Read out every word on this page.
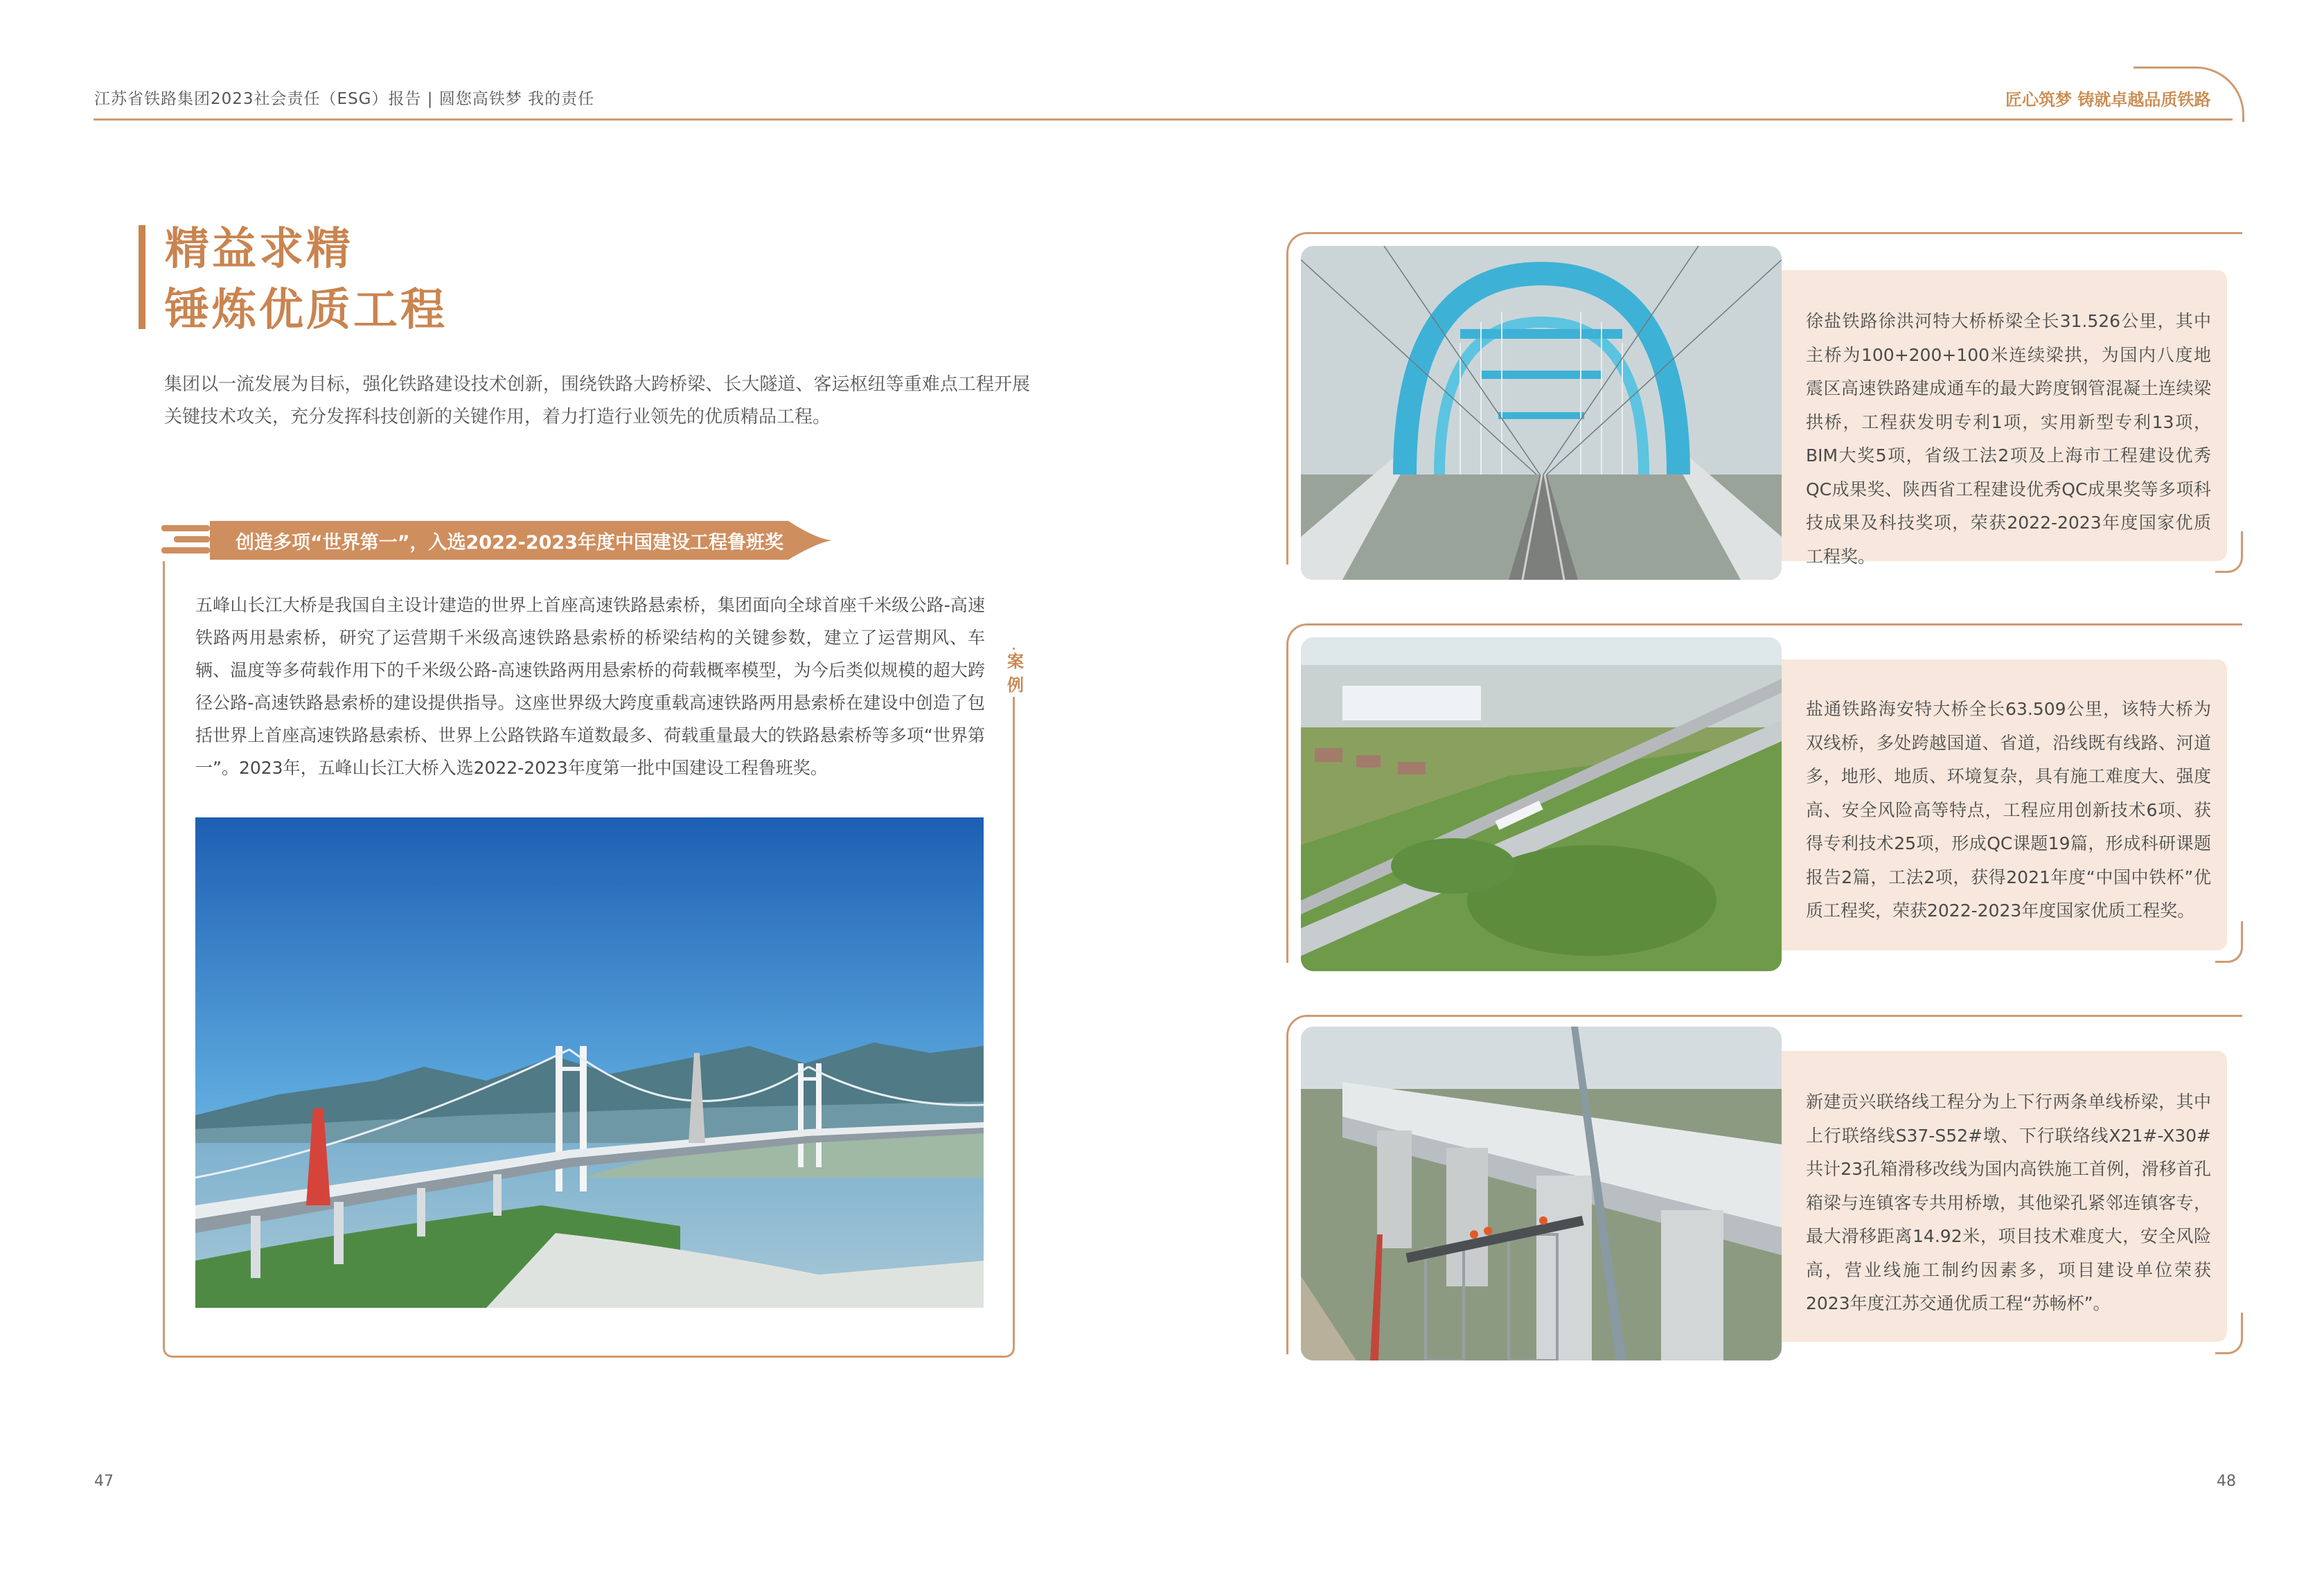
江苏省铁路集团2023社会责任（ESG）报告 | 圆您高铁梦 我的责任	匠心筑梦 铸就卓越品质铁路
精益求精
锤炼优质工程
集团以一流发展为目标，强化铁路建设技术创新，围绕铁路大跨桥梁、长大隧道、客运枢纽等重难点工程开展关键技术攻关，充分发挥科技创新的关键作用，着力打造行业领先的优质精品工程。
创造多项“世界第一”，入选2022-2023年度中国建设工程鲁班奖
案例
五峰山长江大桥是我国自主设计建造的世界上首座高速铁路悬索桥，集团面向全球首座千米级公路-高速铁路两用悬索桥，研究了运营期千米级高速铁路悬索桥的桥梁结构的关键参数，建立了运营期风、车辆、温度等多荷载作用下的千米级公路-高速铁路两用悬索桥的荷载概率模型，为今后类似规模的超大跨径公路-高速铁路悬索桥的建设提供指导。这座世界级大跨度重载高速铁路两用悬索桥在建设中创造了包括世界上首座高速铁路悬索桥、世界上公路铁路车道数最多、荷载重量最大的铁路悬索桥等多项“世界第一”。2023年，五峰山长江大桥入选2022-2023年度第一批中国建设工程鲁班奖。
徐盐铁路徐洪河特大桥桥梁全长31.526公里，其中主桥为100+200+100米连续梁拱，为国内八度地震区高速铁路建成通车的最大跨度钢管混凝土连续梁拱桥，工程获发明专利1项，实用新型专利13项，BIM大奖5项，省级工法2项及上海市工程建设优秀QC成果奖、陕西省工程建设优秀QC成果奖等多项科技成果及科技奖项，荣获2022-2023年度国家优质工程奖。
盐通铁路海安特大桥全长63.509公里，该特大桥为双线桥，多处跨越国道、省道，沿线既有线路、河道多，地形、地质、环境复杂，具有施工难度大、强度高、安全风险高等特点，工程应用创新技术6项、获得专利技术25项，形成QC课题19篇，形成科研课题报告2篇，工法2项，获得2021年度“中国中铁杯”优质工程奖，荣获2022-2023年度国家优质工程奖。
新建贡兴联络线工程分为上下行两条单线桥梁，其中上行联络线S37-S52#墩、下行联络线X21#-X30#共计23孔箱滑移改线为国内高铁施工首例，滑移首孔箱梁与连镇客专共用桥墩，其他梁孔紧邻连镇客专，最大滑移距离14.92米，项目技术难度大，安全风险高，营业线施工制约因素多，项目建设单位荣获2023年度江苏交通优质工程“苏畅杯”。
47	48
